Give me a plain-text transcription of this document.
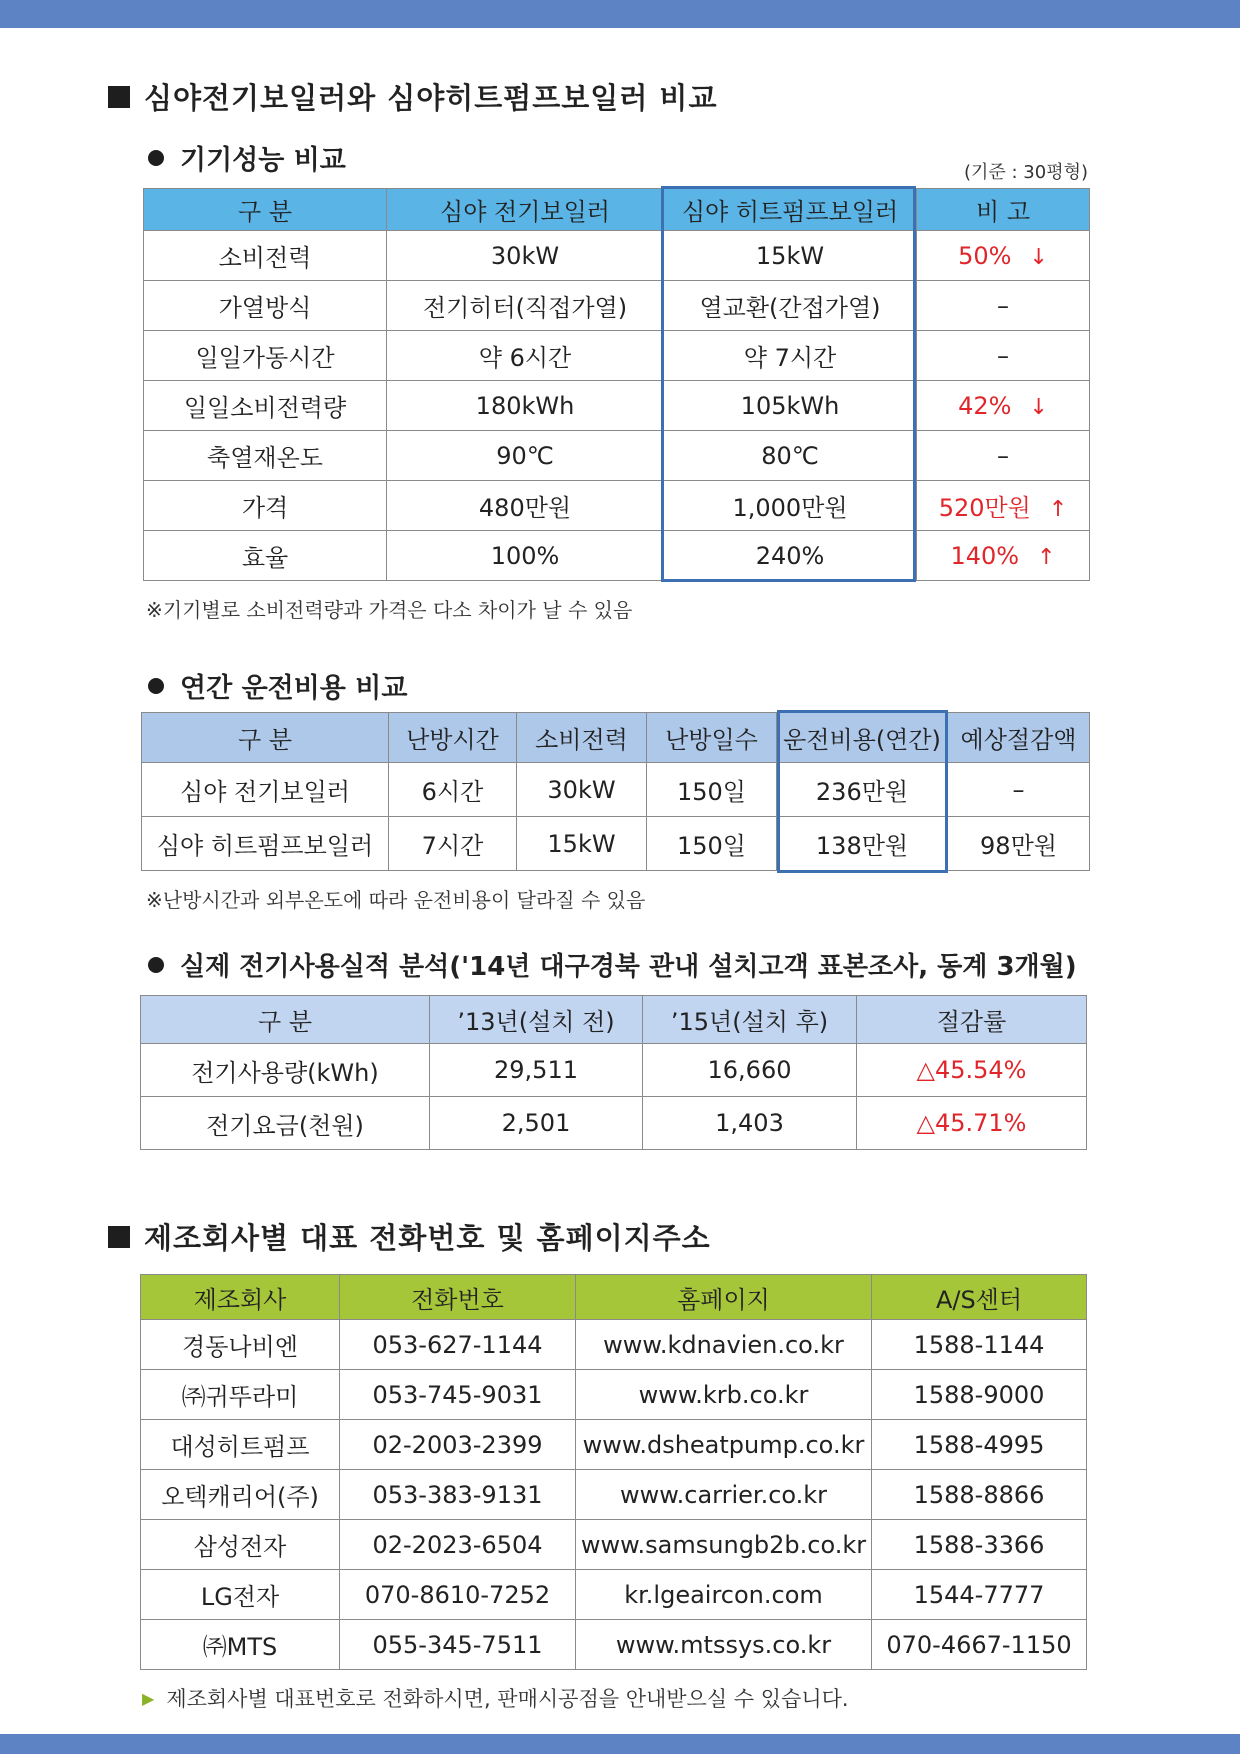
심야전기보일러와 심야히트펌프보일러 비교
기기성능 비교	(기준 : 30평형)
구 분	심야 전기보일러	심야 히트펌프보일러	비 고
소비전력	30kW	15kW	50% ↓
가열방식	전기히터(직접가열)	열교환(간접가열)	–
일일가동시간	약 6시간	약 7시간	–
일일소비전력량	180kWh	105kWh	42% ↓
축열재온도	90℃	80℃	–
가격	480만원	1,000만원	520만원 ↑
효율	100%	240%	140% ↑
※기기별로 소비전력량과 가격은 다소 차이가 날 수 있음
연간 운전비용 비교
구 분	난방시간	소비전력	난방일수	운전비용(연간)	예상절감액
심야 전기보일러	6시간	30kW	150일	236만원	–
심야 히트펌프보일러	7시간	15kW	150일	138만원	98만원
※난방시간과 외부온도에 따라 운전비용이 달라질 수 있음
실제 전기사용실적 분석('14년 대구경북 관내 설치고객 표본조사, 동계 3개월)
구 분	’13년(설치 전)	’15년(설치 후)	절감률
전기사용량(kWh)	29,511	16,660	△45.54%
전기요금(천원)	2,501	1,403	△45.71%
제조회사별 대표 전화번호 및 홈페이지주소
제조회사	전화번호	홈페이지	A/S센터
경동나비엔	053-627-1144	www.kdnavien.co.kr	1588-1144
㈜귀뚜라미	053-745-9031	www.krb.co.kr	1588-9000
대성히트펌프	02-2003-2399	www.dsheatpump.co.kr	1588-4995
오텍캐리어(주)	053-383-9131	www.carrier.co.kr	1588-8866
삼성전자	02-2023-6504	www.samsungb2b.co.kr	1588-3366
LG전자	070-8610-7252	kr.lgeaircon.com	1544-7777
㈜MTS	055-345-7511	www.mtssys.co.kr	070-4667-1150
▶ 제조회사별 대표번호로 전화하시면, 판매시공점을 안내받으실 수 있습니다.
